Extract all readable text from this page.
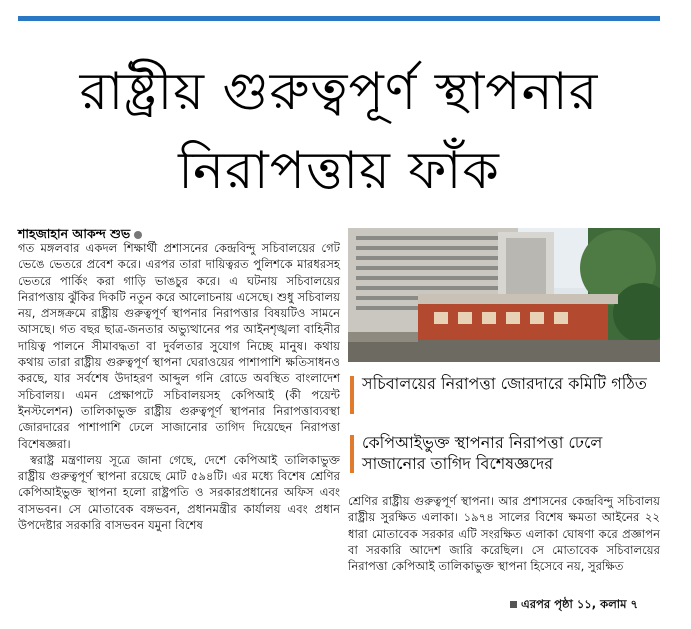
রাষ্ট্রীয় গুরুত্বপূর্ণ স্থাপনার
নিরাপত্তায় ফাঁক
শাহজাহান আকন্দ শুভ

গত মঙ্গলবার একদল শিক্ষার্থী প্রশাসনের কেন্দ্রবিন্দু সচিবালয়ের গেট ভেঙে ভেতরে প্রবেশ করে। এরপর তারা দায়িত্বরত পুলিশকে মারধরসহ ভেতরে পার্কিং করা গাড়ি ভাঙচুর করে। এ ঘটনায় সচিবালয়ের নিরাপত্তায় ঝুঁকির দিকটি নতুন করে আলোচনায় এসেছে। শুধু সচিবালয় নয়, প্রসঙ্গক্রমে রাষ্ট্রীয় গুরুত্বপূর্ণ স্থাপনার নিরাপত্তার বিষয়টিও সামনে আসছে। গত বছর ছাত্র-জনতার অভ্যুত্থানের পর আইনশৃঙ্খলা বাহিনীর দায়িত্ব পালনে সীমাবদ্ধতা বা দুর্বলতার সুযোগ নিচ্ছে মানুষ। কথায় কথায় তারা রাষ্ট্রীয় গুরুত্বপূর্ণ স্থাপনা ঘেরাওয়ের পাশাপাশি ক্ষতিসাধনও করছে, যার সর্বশেষ উদাহরণ আব্দুল গনি রোডে অবস্থিত বাংলাদেশ সচিবালয়। এমন প্রেক্ষাপটে সচিবালয়সহ কেপিআই (কী পয়েন্ট ইনস্টলেশন) তালিকাভুক্ত রাষ্ট্রীয় গুরুত্বপূর্ণ স্থাপনার নিরাপত্তাব্যবস্থা জোরদারের পাশাপাশি ঢেলে সাজানোর তাগিদ দিয়েছেন নিরাপত্তা বিশেষজ্ঞরা।

স্বরাষ্ট্র মন্ত্রণালয় সূত্রে জানা গেছে, দেশে কেপিআই তালিকাভুক্ত রাষ্ট্রীয় গুরুত্বপূর্ণ স্থাপনা রয়েছে মোট ৫৯৪টি। এর মধ্যে বিশেষ শ্রেণির কেপিআইভুক্ত স্থাপনা হলো রাষ্ট্রপতি ও সরকারপ্রধানের অফিস এবং বাসভবন। সে মোতাবেক বঙ্গভবন, প্রধানমন্ত্রীর কার্যালয় এবং প্রধান উপদেষ্টার সরকারি বাসভবন যমুনা বিশেষ

সচিবালয়ের নিরাপত্তা জোরদারে কমিটি গঠিত
কেপিআইভুক্ত স্থাপনার নিরাপত্তা ঢেলে সাজানোর তাগিদ বিশেষজ্ঞদের

শ্রেণির রাষ্ট্রীয় গুরুত্বপূর্ণ স্থাপনা। আর প্রশাসনের কেন্দ্রবিন্দু সচিবালয় রাষ্ট্রীয় সুরক্ষিত এলাকা। ১৯৭৪ সালের বিশেষ ক্ষমতা আইনের ২২ ধারা মোতাবেক সরকার এটি সংরক্ষিত এলাকা ঘোষণা করে প্রজ্ঞাপন বা সরকারি আদেশ জারি করেছিল। সে মোতাবেক সচিবালয়ের নিরাপত্তা কেপিআই তালিকাভুক্ত স্থাপনা হিসেবে নয়, সুরক্ষিত

এরপর পৃষ্ঠা ১১, কলাম ৭
